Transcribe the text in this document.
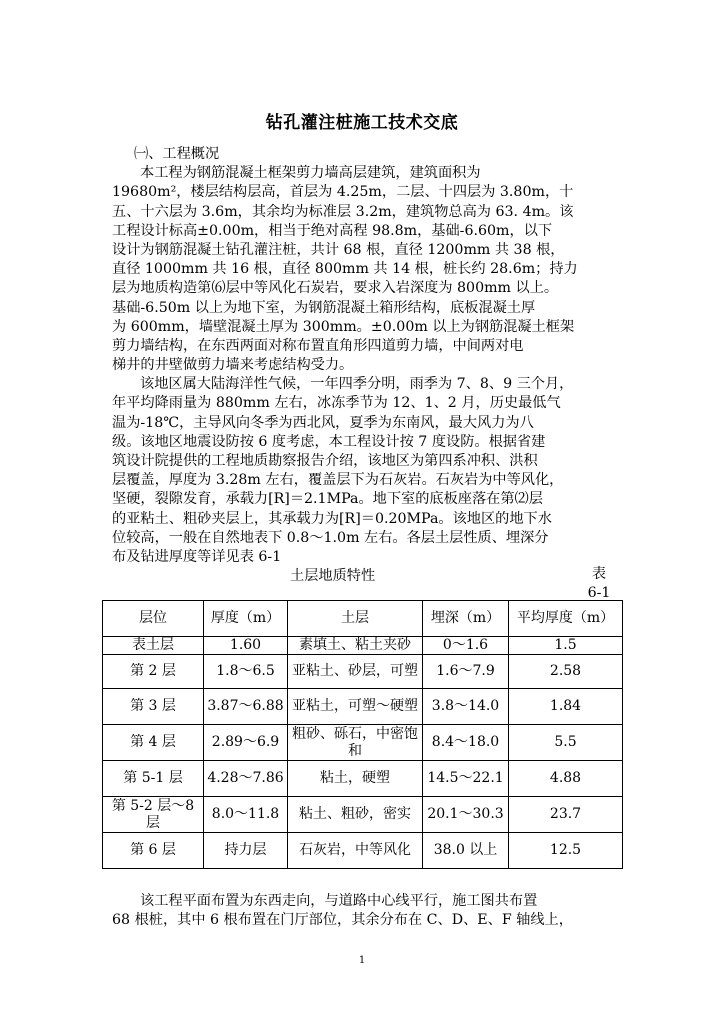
钻孔灌注桩施工技术交底
㈠、工程概况
本工程为钢筋混凝土框架剪力墙高层建筑，建筑面积为
19680m²，楼层结构层高，首层为 4.25m，二层、十四层为 3.80m，十
五、十六层为 3.6m，其余均为标准层 3.2m，建筑物总高为 63. 4m。该
工程设计标高±0.00m，相当于绝对高程 98.8m，基础-6.60m，以下
设计为钢筋混凝土钻孔灌注桩，共计 68 根，直径 1200mm 共 38 根，
直径 1000mm 共 16 根，直径 800mm 共 14 根，桩长约 28.6m；持力
层为地质构造第⑹层中等风化石炭岩，要求入岩深度为 800mm 以上。
基础-6.50m 以上为地下室，为钢筋混凝土箱形结构，底板混凝土厚
为 600mm，墙壁混凝土厚为 300mm。±0.00m 以上为钢筋混凝土框架
剪力墙结构，在东西两面对称布置直角形四道剪力墙，中间两对电
梯井的井壁做剪力墙来考虑结构受力。
该地区属大陆海洋性气候，一年四季分明，雨季为 7、8、9 三个月，
年平均降雨量为 880mm 左右，冰冻季节为 12、1、2 月，历史最低气
温为-18℃，主导风向冬季为西北风，夏季为东南风，最大风力为八
级。该地区地震设防按 6 度考虑，本工程设计按 7 度设防。根据省建
筑设计院提供的工程地质勘察报告介绍，该地区为第四系冲积、洪积
层覆盖，厚度为 3.28m 左右，覆盖层下为石灰岩。石灰岩为中等风化，
坚硬，裂隙发育，承载力[R]＝2.1MPa。地下室的底板座落在第⑵层
的亚粘土、粗砂夹层上，其承载力为[R]＝0.20MPa。该地区的地下水
位较高，一般在自然地表下 0.8～1.0m 左右。各层土层性质、埋深分
布及钻进厚度等详见表 6-1
土层地质特性	表 6-1
层位	厚度（m）	土层	埋深（m）	平均厚度（m）
表土层	1.60	素填土、粘土夹砂	0～1.6	1.5
第 2 层	1.8～6.5	亚粘土、砂层，可塑	1.6～7.9	2.58
第 3 层	3.87～6.88	亚粘土，可塑～硬塑	3.8～14.0	1.84
第 4 层	2.89～6.9	粗砂、砾石，中密饱和	8.4～18.0	5.5
第 5-1 层	4.28～7.86	粘土，硬塑	14.5～22.1	4.88
第 5-2 层～8 层	8.0～11.8	粘土、粗砂，密实	20.1～30.3	23.7
第 6 层	持力层	石灰岩，中等风化	38.0 以上	12.5
该工程平面布置为东西走向，与道路中心线平行，施工图共布置
68 根桩，其中 6 根布置在门厅部位，其余分布在 C、D、E、F 轴线上，
1
